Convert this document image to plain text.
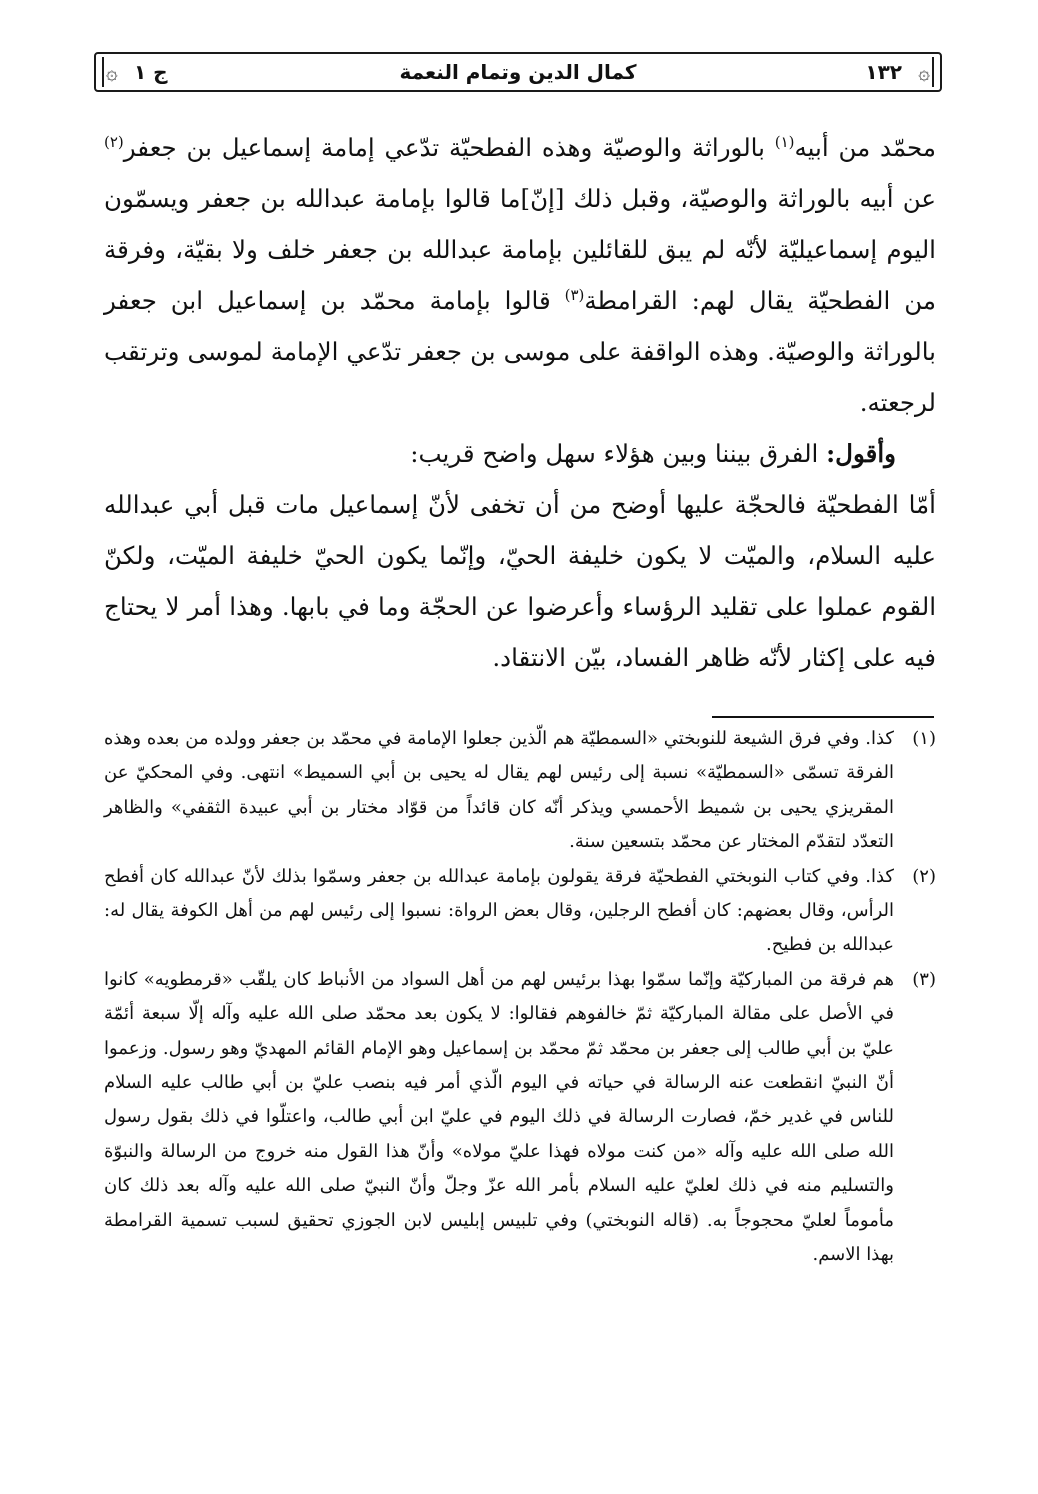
۞
١٣٢
كمال الدين وتمام النعمة
ج ١
۞

محمّد من أبيه$^{(١)}$ بالوراثة والوصيّة وهذه الفطحيّة تدّعي إمامة إسماعيل بن جعفر$^{(٢)}$ عن أبيه بالوراثة والوصيّة، وقبل ذلك [إنّ]ما قالوا بإمامة عبدالله بن جعفر ويسمّون اليوم إسماعيليّة لأنّه لم يبق للقائلين بإمامة عبدالله بن جعفر خلف ولا بقيّة، وفرقة من الفطحيّة يقال لهم: القرامطة$^{(٣)}$ قالوا بإمامة محمّد بن إسماعيل ابن جعفر بالوراثة والوصيّة. وهذه الواقفة على موسى بن جعفر تدّعي الإمامة لموسى وترتقب لرجعته.

وأقول: الفرق بيننا وبين هؤلاء سهل واضح قريب:

أمّا الفطحيّة فالحجّة عليها أوضح من أن تخفى لأنّ إسماعيل مات قبل أبي عبدالله عليه السلام، والميّت لا يكون خليفة الحيّ، وإنّما يكون الحيّ خليفة الميّت، ولكنّ القوم عملوا على تقليد الرؤساء وأعرضوا عن الحجّة وما في بابها. وهذا أمر لا يحتاج فيه على إكثار لأنّه ظاهر الفساد، بيّن الانتقاد.

(١)
كذا. وفي فرق الشيعة للنوبختي «السمطيّة هم الّذين جعلوا الإمامة في محمّد بن جعفر وولده من بعده وهذه الفرقة تسمّى «السمطيّة» نسبة إلى رئيس لهم يقال له يحيى بن أبي السميط» انتهى. وفي المحكيّ عن المقريزي يحيى بن شميط الأحمسي ويذكر أنّه كان قائداً من قوّاد مختار بن أبي عبيدة الثقفي» والظاهر التعدّد لتقدّم المختار عن محمّد بتسعين سنة.
(٢)
كذا. وفي كتاب النوبختي الفطحيّة فرقة يقولون بإمامة عبدالله بن جعفر وسمّوا بذلك لأنّ عبدالله كان أفطح الرأس، وقال بعضهم: كان أفطح الرجلين، وقال بعض الرواة: نسبوا إلى رئيس لهم من أهل الكوفة يقال له: عبدالله بن فطيح.
(٣)
هم فرقة من المباركيّة وإنّما سمّوا بهذا برئيس لهم من أهل السواد من الأنباط كان يلقّب «قرمطويه» كانوا في الأصل على مقالة المباركيّة ثمّ خالفوهم فقالوا: لا يكون بعد محمّد صلى الله عليه وآله إلّا سبعة أئمّة عليّ بن أبي طالب إلى جعفر بن محمّد ثمّ محمّد بن إسماعيل وهو الإمام القائم المهديّ وهو رسول. وزعموا أنّ النبيّ انقطعت عنه الرسالة في حياته في اليوم الّذي أمر فيه بنصب عليّ بن أبي طالب عليه السلام للناس في غدير خمّ، فصارت الرسالة في ذلك اليوم في عليّ ابن أبي طالب، واعتلّوا في ذلك بقول رسول الله صلى الله عليه وآله «من كنت مولاه فهذا عليّ مولاه» وأنّ هذا القول منه خروج من الرسالة والنبوّة والتسليم منه في ذلك لعليّ عليه السلام بأمر الله عزّ وجلّ وأنّ النبيّ صلى الله عليه وآله بعد ذلك كان مأموماً لعليّ محجوجاً به. (قاله النوبختي) وفي تلبيس إبليس لابن الجوزي تحقيق لسبب تسمية القرامطة بهذا الاسم.
